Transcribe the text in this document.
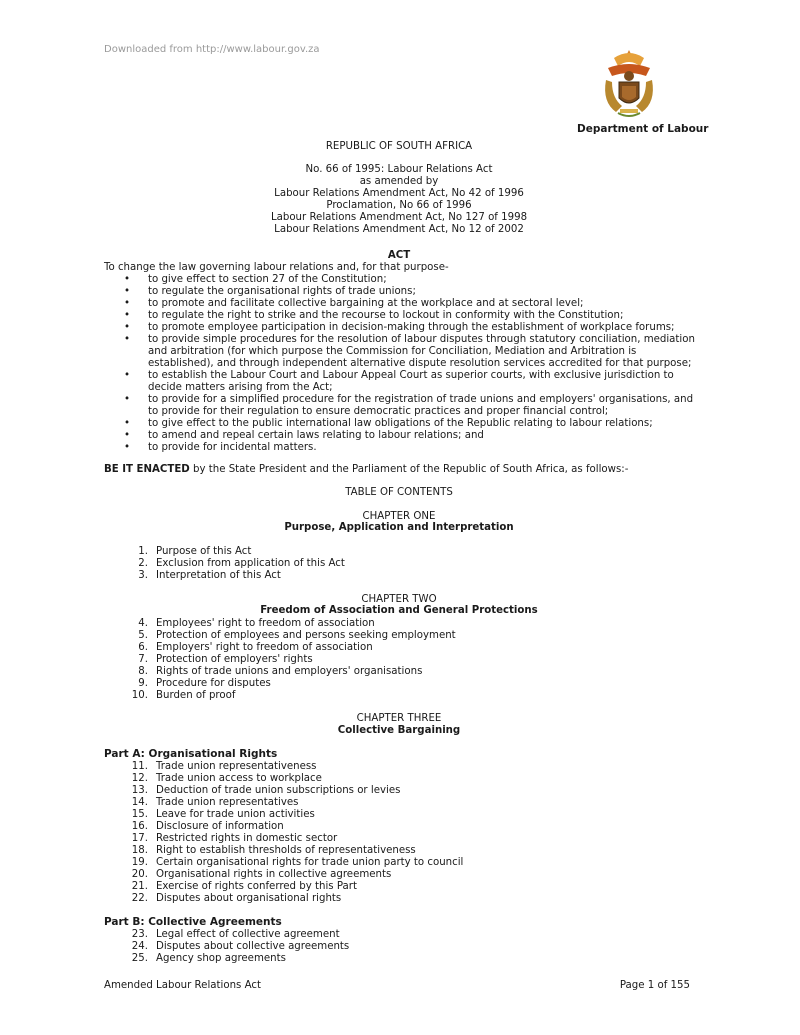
Downloaded from http://www.labour.gov.za
Department of Labour
REPUBLIC OF SOUTH AFRICA
No. 66 of 1995: Labour Relations Act
as amended by
Labour Relations Amendment Act, No 42 of 1996
Proclamation, No 66 of 1996
Labour Relations Amendment Act, No 127 of 1998
Labour Relations Amendment Act, No 12 of 2002
ACT
To change the law governing labour relations and, for that purpose-
• to give effect to section 27 of the Constitution;
• to regulate the organisational rights of trade unions;
• to promote and facilitate collective bargaining at the workplace and at sectoral level;
• to regulate the right to strike and the recourse to lockout in conformity with the Constitution;
• to promote employee participation in decision-making through the establishment of workplace forums;
• to provide simple procedures for the resolution of labour disputes through statutory conciliation, mediation and arbitration (for which purpose the Commission for Conciliation, Mediation and Arbitration is established), and through independent alternative dispute resolution services accredited for that purpose;
• to establish the Labour Court and Labour Appeal Court as superior courts, with exclusive jurisdiction to decide matters arising from the Act;
• to provide for a simplified procedure for the registration of trade unions and employers' organisations, and to provide for their regulation to ensure democratic practices and proper financial control;
• to give effect to the public international law obligations of the Republic relating to labour relations;
• to amend and repeal certain laws relating to labour relations; and
• to provide for incidental matters.
BE IT ENACTED by the State President and the Parliament of the Republic of South Africa, as follows:-
TABLE OF CONTENTS
CHAPTER ONE
Purpose, Application and Interpretation
1. Purpose of this Act
2. Exclusion from application of this Act
3. Interpretation of this Act
CHAPTER TWO
Freedom of Association and General Protections
4. Employees' right to freedom of association
5. Protection of employees and persons seeking employment
6. Employers' right to freedom of association
7. Protection of employers' rights
8. Rights of trade unions and employers' organisations
9. Procedure for disputes
10. Burden of proof
CHAPTER THREE
Collective Bargaining
Part A: Organisational Rights
11. Trade union representativeness
12. Trade union access to workplace
13. Deduction of trade union subscriptions or levies
14. Trade union representatives
15. Leave for trade union activities
16. Disclosure of information
17. Restricted rights in domestic sector
18. Right to establish thresholds of representativeness
19. Certain organisational rights for trade union party to council
20. Organisational rights in collective agreements
21. Exercise of rights conferred by this Part
22. Disputes about organisational rights
Part B: Collective Agreements
23. Legal effect of collective agreement
24. Disputes about collective agreements
25. Agency shop agreements
Amended Labour Relations Act	Page 1 of 155
